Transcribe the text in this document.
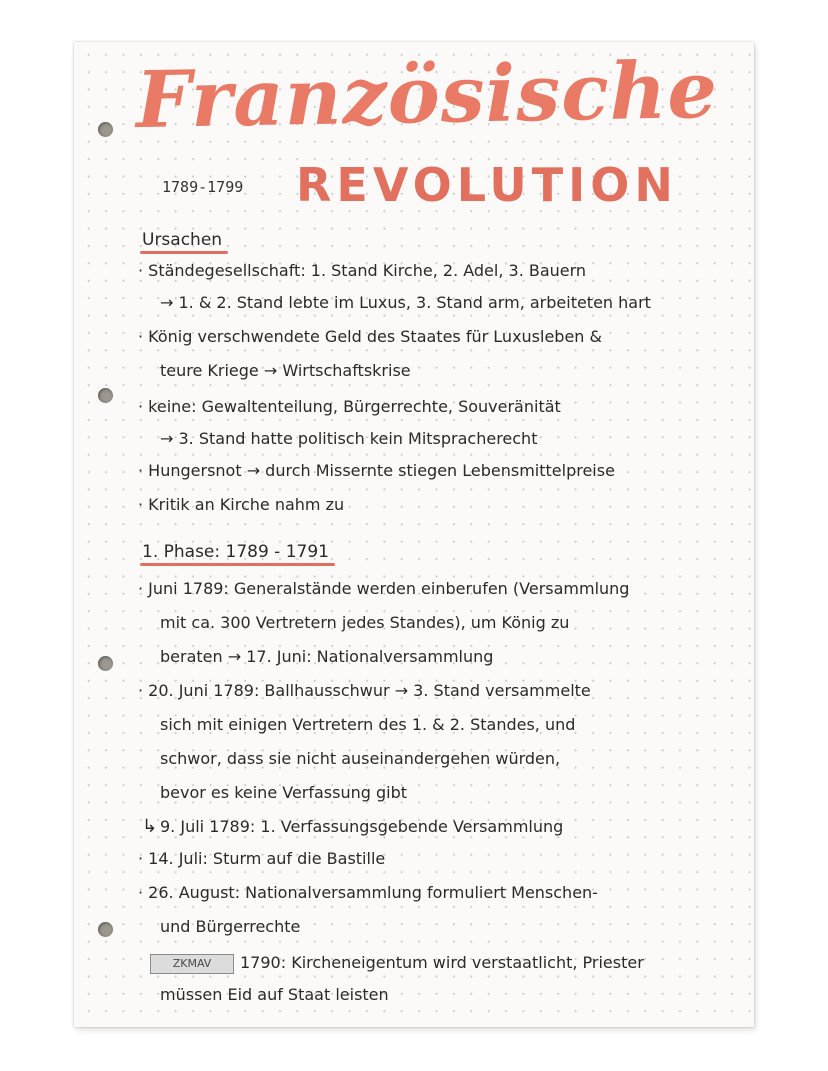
Französische
1789-1799 REVOLUTION
Ursachen
· Ständegesellschaft: 1. Stand Kirche, 2. Adel, 3. Bauern
→ 1. & 2. Stand lebte im Luxus, 3. Stand arm, arbeiteten hart
· König verschwendete Geld des Staates für Luxusleben &
teure Kriege → Wirtschaftskrise
· keine: Gewaltenteilung, Bürgerrechte, Souveränität
→ 3. Stand hatte politisch kein Mitspracherecht
· Hungersnot → durch Missernte stiegen Lebensmittelpreise
· Kritik an Kirche nahm zu
1. Phase: 1789 - 1791
· Juni 1789: Generalstände werden einberufen (Versammlung
mit ca. 300 Vertretern jedes Standes), um König zu
beraten → 17. Juni: Nationalversammlung
· 20. Juni 1789: Ballhausschwur → 3. Stand versammelte
sich mit einigen Vertretern des 1. & 2. Standes, und
schwor, dass sie nicht auseinandergehen würden,
bevor es keine Verfassung gibt
↳ 9. Juli 1789: 1. Verfassungsgebende Versammlung
· 14. Juli: Sturm auf die Bastille
· 26. August: Nationalversammlung formuliert Menschen-
und Bürgerrechte
ZKMAV	1790: Kircheneigentum wird verstaatlicht, Priester
müssen Eid auf Staat leisten
